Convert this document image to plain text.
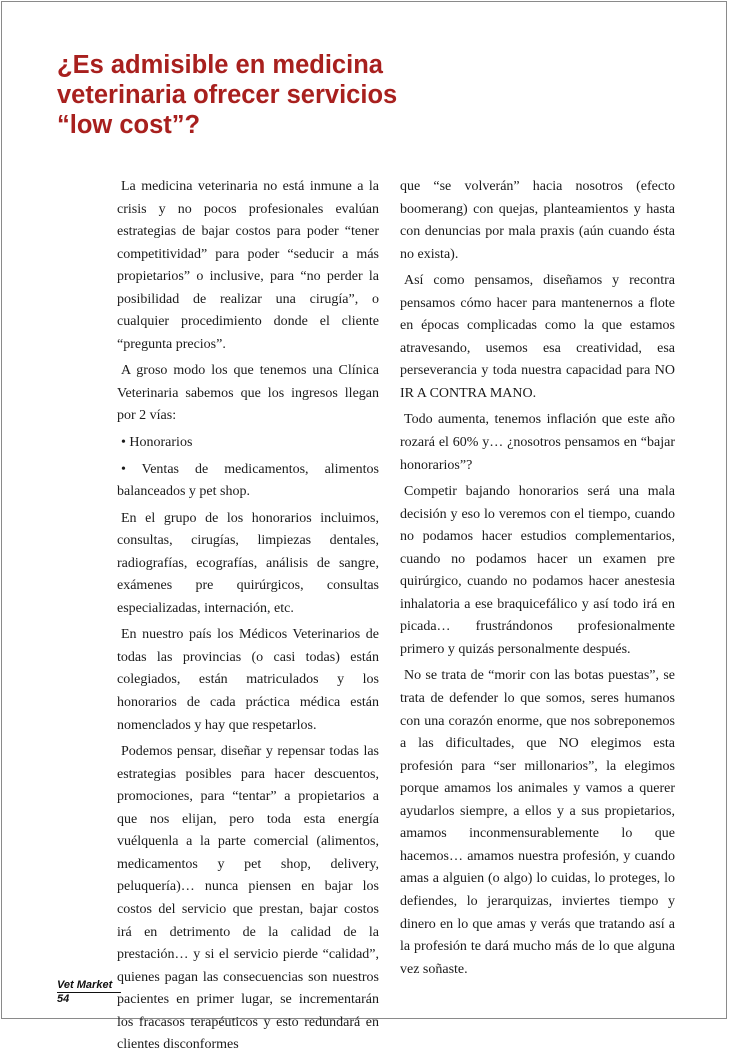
¿Es admisible en medicina
veterinaria ofrecer servicios
“low cost”?

La medicina veterinaria no está inmune a la crisis y no pocos profesionales evalúan estrategias de bajar costos para poder “tener competitividad” para poder “seducir a más propietarios” o inclusive, para “no perder la posibilidad de realizar una cirugía”, o cualquier procedimiento donde el cliente “pregunta precios”.

A groso modo los que tenemos una Clínica Veterinaria sabemos que los ingresos llegan por 2 vías:

• Honorarios

• Ventas de medicamentos, alimentos balanceados y pet shop.

En el grupo de los honorarios incluimos, consultas, cirugías, limpiezas dentales, radiografías, ecografías, análisis de sangre, exámenes pre quirúrgicos, consultas especializadas, internación, etc.

En nuestro país los Médicos Veterinarios de todas las provincias (o casi todas) están colegiados, están matriculados y los honorarios de cada práctica médica están nomenclados y hay que respetarlos.

Podemos pensar, diseñar y repensar todas las estrategias posibles para hacer descuentos, promociones, para “tentar” a propietarios a que nos elijan, pero toda esta energía vuélquenla a la parte comercial (alimentos, medicamentos y pet shop, delivery, peluquería)… nunca piensen en bajar los costos del servicio que prestan, bajar costos irá en detrimento de la calidad de la prestación… y si el servicio pierde “calidad”, quienes pagan las consecuencias son nuestros pacientes en primer lugar, se incrementarán los fracasos terapéuticos y esto redundará en clientes disconformes

que “se volverán” hacia nosotros (efecto boomerang) con quejas, planteamientos y hasta con denuncias por mala praxis (aún cuando ésta no exista).

Así como pensamos, diseñamos y recontra pensamos cómo hacer para mantenernos a flote en épocas complicadas como la que estamos atravesando, usemos esa creatividad, esa perseverancia y toda nuestra capacidad para NO IR A CONTRA MANO.

Todo aumenta, tenemos inflación que este año rozará el 60% y… ¿nosotros pensamos en “bajar honorarios”?

Competir bajando honorarios será una mala decisión y eso lo veremos con el tiempo, cuando no podamos hacer estudios complementarios, cuando no podamos hacer un examen pre quirúrgico, cuando no podamos hacer anestesia inhalatoria a ese braquicefálico y así todo irá en picada… frustrándonos profesionalmente primero y quizás personalmente después.

No se trata de “morir con las botas puestas”, se trata de defender lo que somos, seres humanos con una corazón enorme, que nos sobreponemos a las dificultades, que NO elegimos esta profesión para “ser millonarios”, la elegimos porque amamos los animales y vamos a querer ayudarlos siempre, a ellos y a sus propietarios, amamos inconmensurablemente lo que hacemos… amamos nuestra profesión, y cuando amas a alguien (o algo) lo cuidas, lo proteges, lo defiendes, lo jerarquizas, inviertes tiempo y dinero en lo que amas y verás que tratando así a la profesión te dará mucho más de lo que alguna vez soñaste.

Vet Market
54
